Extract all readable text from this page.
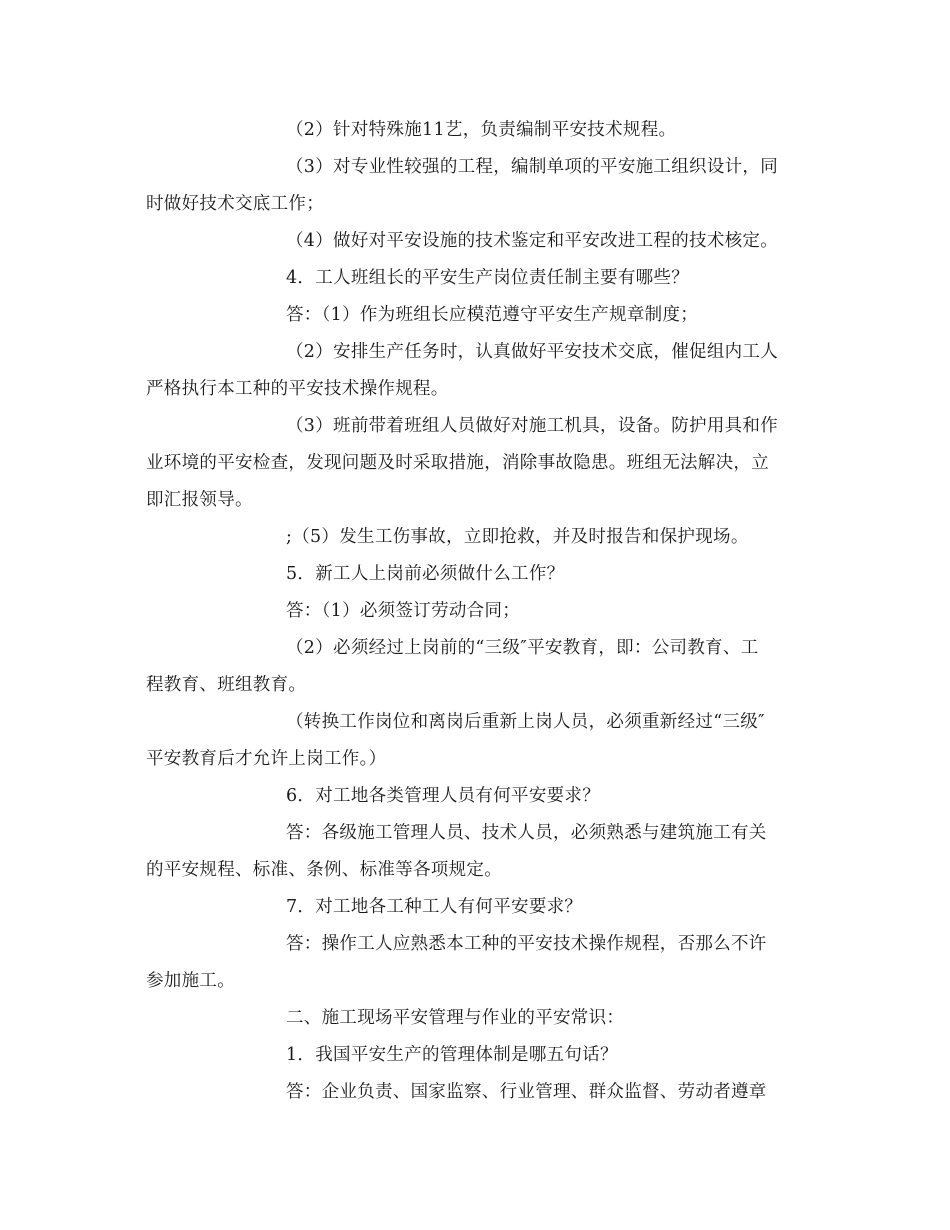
（2）针对特殊施11艺，负责编制平安技术规程。
（3）对专业性较强的工程，编制单项的平安施工组织设计，同
时做好技术交底工作；
（4）做好对平安设施的技术鉴定和平安改进工程的技术核定。
4．工人班组长的平安生产岗位责任制主要有哪些？
答：（1）作为班组长应模范遵守平安生产规章制度；
（2）安排生产任务时，认真做好平安技术交底，催促组内工人
严格执行本工种的平安技术操作规程。
（3）班前带着班组人员做好对施工机具，设备。防护用具和作
业环境的平安检查，发现问题及时采取措施，消除事故隐患。班组无法解决，立
即汇报领导。
;（5）发生工伤事故，立即抢救，并及时报告和保护现场。
5．新工人上岗前必须做什么工作？
答：（1）必须签订劳动合同；
（2）必须经过上岗前的“三级″平安教育，即：公司教育、工
程教育、班组教育。
（转换工作岗位和离岗后重新上岗人员，必须重新经过“三级″
平安教育后才允许上岗工作。）
6．对工地各类管理人员有何平安要求？
答：各级施工管理人员、技术人员，必须熟悉与建筑施工有关
的平安规程、标准、条例、标准等各项规定。
7．对工地各工种工人有何平安要求？
答：操作工人应熟悉本工种的平安技术操作规程，否那么不许
参加施工。
二、施工现场平安管理与作业的平安常识：
1．我国平安生产的管理体制是哪五句话？
答：企业负责、国家监察、行业管理、群众监督、劳动者遵章
